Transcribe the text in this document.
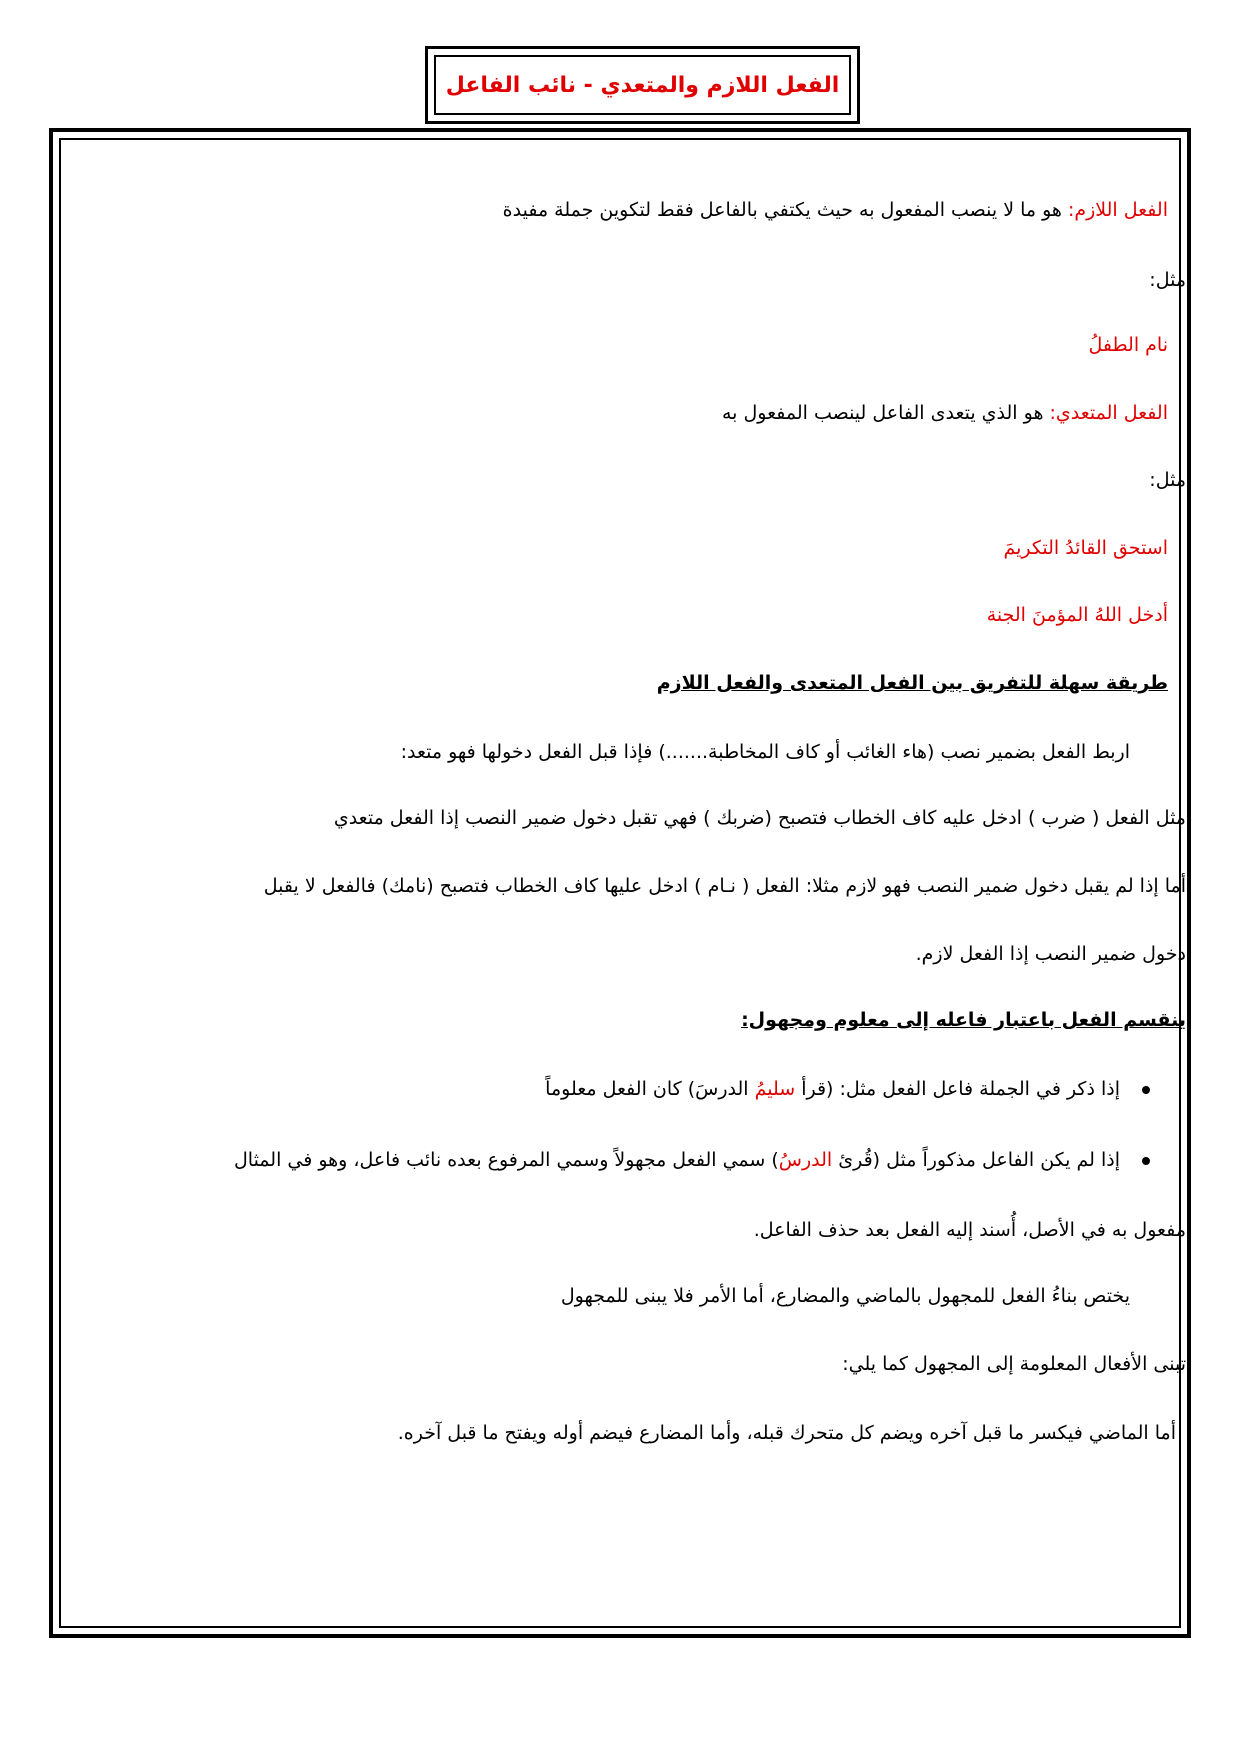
الفعل اللازم والمتعدي - نائب الفاعل
الفعل اللازم: هو ما لا ينصب المفعول به حيث يكتفي بالفاعل فقط لتكوين جملة مفيدة
مثل:
نام الطفلُ
الفعل المتعدي: هو الذي يتعدى الفاعل لينصب المفعول به
مثل:
استحق القائدُ التكريمَ
أدخل اللهُ المؤمنَ الجنة
طريقة سهلة للتفريق بين الفعل المتعدى والفعل اللازم
اربط الفعل بضمير نصب (هاء الغائب أو كاف المخاطبة.......) فإذا قبل الفعل دخولها فهو متعد:
مثل الفعل ( ضرب ) ادخل عليه كاف الخطاب فتصبح (ضربك ) فهي تقبل دخول ضمير النصب إذا الفعل متعدي
أما إذا لم يقبل دخول ضمير النصب فهو لازم مثلا: الفعل ( نـام ) ادخل عليها كاف الخطاب فتصبح (نامك) فالفعل لا يقبل
دخول ضمير النصب إذا الفعل لازم.
ينقسم الفعل باعتبار فاعله إلى معلوم ومجهول:
إذا ذكر في الجملة فاعل الفعل مثل: (قرأ سليمُ الدرسَ) كان الفعل معلوماً
إذا لم يكن الفاعل مذكوراً مثل (قُرئ الدرسُ) سمي الفعل مجهولاً وسمي المرفوع بعده نائب فاعل، وهو في المثال
مفعول به في الأصل، أُسند إليه الفعل بعد حذف الفاعل.
يختص بناءُ الفعل للمجهول بالماضي والمضارع، أما الأمر فلا يبنى للمجهول
تبنى الأفعال المعلومة إلى المجهول كما يلي:
أما الماضي فيكسر ما قبل آخره ويضم كل متحرك قبله، وأما المضارع فيضم أوله ويفتح ما قبل آخره.
